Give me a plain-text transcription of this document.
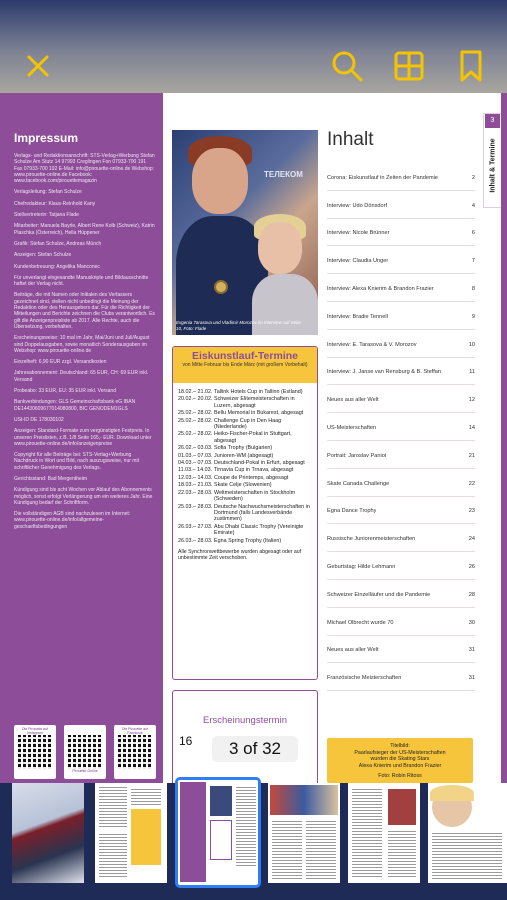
Impressum
Verlags- und Redaktionsanschrift: STS-Verlag+Werbung Stefan Schulze Am Stutz 14 97993 Creglingen Fon 07933-700 191 Fax 07933-700 192 E-Mail: info@pirouette-online.de Webshop: www.pirouette-online.de Facebook: www.facebook.com/pirouettemagazin
Verlagsleitung: Stefan Schulze
Chefredakteur: Klaus-Reinhold Kany
Stellvertreterin: Tatjana Flade
Mitarbeiter: Manuela Bayrle, Albert Rene Kolb (Schweiz), Katrin Plaschka (Österreich), Hella Hüppener
Grafik: Stefan Schulze, Andreas Münch
Anzeigen: Stefan Schulze
Kundenbetreuung: Angelika Manconec
Für unverlangt eingesandte Manuskripte und Bildausschnitte haftet der Verlag nicht.
Beiträge, die mit Namen oder Initialen des Verfassers gezeichnet sind, stellen nicht unbedingt die Meinung der Redaktion oder des Herausgebers dar. Für die Richtigkeit der Mitteilungen und Berichte zeichnen die Clubs verantwortlich. Es gilt die Anzeigenpreisliste ab 2017. Alle Rechte, auch die Übersetzung, vorbehalten.
Erscheinungsweise: 10 mal im Jahr, Mai/Juni und Juli/August sind Doppelausgaben, sowie monatlich Sonderausgaben im Webshop: www.pirouette-online.de
Einzelheft: 6,90 EUR zzgl. Versandkosten
Jahresabonnement: Deutschland: 65 EUR, CH: 69 EUR inkl. Versand
Probeabo: 33 EUR, EU: 35 EUR inkl. Versand
Bankverbindungen: GLS Gemeinschaftsbank eG IBAN DE14430609677014080800, BIC GENODEM1GLS
USt-ID DE 178030102
Anzeigen: Standard-Formate zum vergünstigten Festpreis. In unseren Preislisten, z.B. 1/8 Seite 165,- EUR. Download unter www.pirouette-online.de/info/anzeigenpreise
Copyright für alle Beiträge bei: STS-Verlag+Werbung Nachdruck in Wort und Bild, nach auszugsweise, nur mit schriftlicher Genehmigung des Verlags.
Gerichtsstand: Bad Mergentheim
Kündigung sind bis acht Wochen vor Ablauf des Abonnements möglich, sonst erfolgt Verlängerung um ein weiteres Jahr. Eine Kündigung bedarf der Schriftform.
Die vollständigen AGB sind nachzulesen im Internet: www.pirouette-online.de/info/allgemeine-geschaeftsbedingungen
Die Pirouette auf Instagram
Pirouette-Online
Die Pirouette auf Facebook
ТЕЛЕКОМ
Evgenia Tarasova und Vladimir Morozov im Interview auf Seite 10, Foto: Flade
Eiskunstlauf-Termine
von Mitte Februar bis Ende März (mit großem Vorbehalt)
18.02.– 21.02. Tallink Hotels Cup in Tallinn (Estland)
20.02.– 20.02. Schweizer Elitemeisterschaften in Luzern, abgesagt
25.02.– 28.02. Bellu Memorial in Bukarest, abgesagt
25.02.– 28.02. Challenge Cup in Den Haag (Niederlande)
25.02.– 28.02. Heiko-Fischer-Pokal in Stuttgart, abgesagt
26.02.– 03.03. Sofia Trophy (Bulgarien)
01.03.– 07.03. Junioren-WM (abgesagt)
04.03.– 07.03. Deutschland-Pokal in Erfurt, abgesagt
11.03.– 14.03. Tirnavia Cup in Trnava, abgesagt
12.03.– 14.03. Coupe de Printemps, abgesagt
18.03.– 21.03. Skate Celje (Slowenien)
22.03.– 28.03. Weltmeisterschaften in Stockholm (Schweden)
25.03.– 28.03. Deutsche Nachwuchsmeisterschaften in Dortmund (falls Landesverbände zustimmen)
26.03.– 27.03. Abu Dhabi Classic Trophy (Vereinigte Emirate)
26.03.– 28.03. Egna Spring Trophy (Italien)
Alle Synchronwettbewerbe wurden abgesagt oder auf unbestimmte Zeit verschoben.
Erscheinungstermin
16
Inhalt
Corona: Eiskunstlauf in Zeiten der Pandemie	2
Interview: Udo Dönsdorf	4
Interview: Nicole Brünner	6
Interview: Claudia Unger	7
Interview: Alexa Knierim & Brandon Frazier	8
Interview: Bradie Tennell	9
Interview: E. Tarasova & V. Morozov	10
Interview: J. Janse van Rensburg & B. Steffan	11
Neues aus aller Welt	12
US-Meisterschaften	14
Portrait: Jaroslav Paniot	21
Skate Canada Challenge	22
Egna Dance Trophy	23
Russische Juniorenmeisterschaften	24
Geburtstag: Hilde Lehmann	26
Schweizer Einzelläufer und die Pandemie	28
Michael Olbrecht wurde 70	30
Neues aus aller Welt	31
Französische Meisterschaften	31
3
Inhalt & Termine
Titelbild:
Paarlaufsieger der US-Meisterschaften
wurden die Skating Stars
Alexa Knierim und Brandon Frazier
Foto: Robin Ritoss
3 of 32
